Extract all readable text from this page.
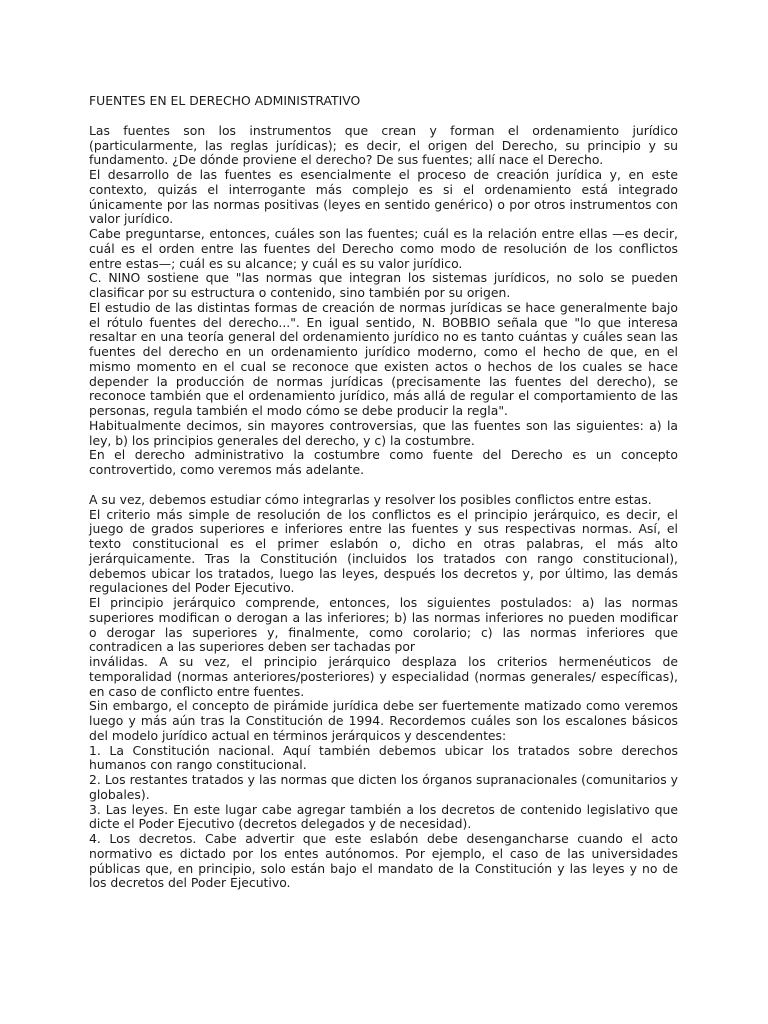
FUENTES EN EL DERECHO ADMINISTRATIVO

Las fuentes son los instrumentos que crean y forman el ordenamiento jurídico (particularmente, las reglas jurídicas); es decir, el origen del Derecho, su principio y su fundamento. ¿De dónde proviene el derecho? De sus fuentes; allí nace el Derecho.

El desarrollo de las fuentes es esencialmente el proceso de creación jurídica y, en este contexto, quizás el interrogante más complejo es si el ordenamiento está integrado únicamente por las normas positivas (leyes en sentido genérico) o por otros instrumentos con valor jurídico.

Cabe preguntarse, entonces, cuáles son las fuentes; cuál es la relación entre ellas —es decir, cuál es el orden entre las fuentes del Derecho como modo de resolución de los conflictos entre estas—; cuál es su alcance; y cuál es su valor jurídico.

C. NINO sostiene que "las normas que integran los sistemas jurídicos, no solo se pueden clasificar por su estructura o contenido, sino también por su origen.

El estudio de las distintas formas de creación de normas jurídicas se hace generalmente bajo el rótulo fuentes del derecho...". En igual sentido, N. BOBBIO señala que "lo que interesa resaltar en una teoría general del ordenamiento jurídico no es tanto cuántas y cuáles sean las fuentes del derecho en un ordenamiento jurídico moderno, como el hecho de que, en el mismo momento en el cual se reconoce que existen actos o hechos de los cuales se hace depender la producción de normas jurídicas (precisamente las fuentes del derecho), se reconoce también que el ordenamiento jurídico, más allá de regular el comportamiento de las personas, regula también el modo cómo se debe producir la regla".

Habitualmente decimos, sin mayores controversias, que las fuentes son las siguientes: a) la ley, b) los principios generales del derecho, y c) la costumbre.

En el derecho administrativo la costumbre como fuente del Derecho es un concepto controvertido, como veremos más adelante.

A su vez, debemos estudiar cómo integrarlas y resolver los posibles conflictos entre estas.

El criterio más simple de resolución de los conflictos es el principio jerárquico, es decir, el juego de grados superiores e inferiores entre las fuentes y sus respectivas normas. Así, el texto constitucional es el primer eslabón o, dicho en otras palabras, el más alto jerárquicamente. Tras la Constitución (incluidos los tratados con rango constitucional), debemos ubicar los tratados, luego las leyes, después los decretos y, por último, las demás regulaciones del Poder Ejecutivo.

El principio jerárquico comprende, entonces, los siguientes postulados: a) las normas superiores modifican o derogan a las inferiores; b) las normas inferiores no pueden modificar o derogar las superiores y, finalmente, como corolario; c) las normas inferiores que contradicen a las superiores deben ser tachadas por

inválidas. A su vez, el principio jerárquico desplaza los criterios hermenéuticos de temporalidad (normas anteriores/posteriores) y especialidad (normas generales/ específicas), en caso de conflicto entre fuentes.

Sin embargo, el concepto de pirámide jurídica debe ser fuertemente matizado como veremos luego y más aún tras la Constitución de 1994. Recordemos cuáles son los escalones básicos del modelo jurídico actual en términos jerárquicos y descendentes:

1. La Constitución nacional. Aquí también debemos ubicar los tratados sobre derechos humanos con rango constitucional.

2. Los restantes tratados y las normas que dicten los órganos supranacionales (comunitarios y globales).

3. Las leyes. En este lugar cabe agregar también a los decretos de contenido legislativo que dicte el Poder Ejecutivo (decretos delegados y de necesidad).

4. Los decretos. Cabe advertir que este eslabón debe desengancharse cuando el acto normativo es dictado por los entes autónomos. Por ejemplo, el caso de las universidades públicas que, en principio, solo están bajo el mandato de la Constitución y las leyes y no de los decretos del Poder Ejecutivo.
